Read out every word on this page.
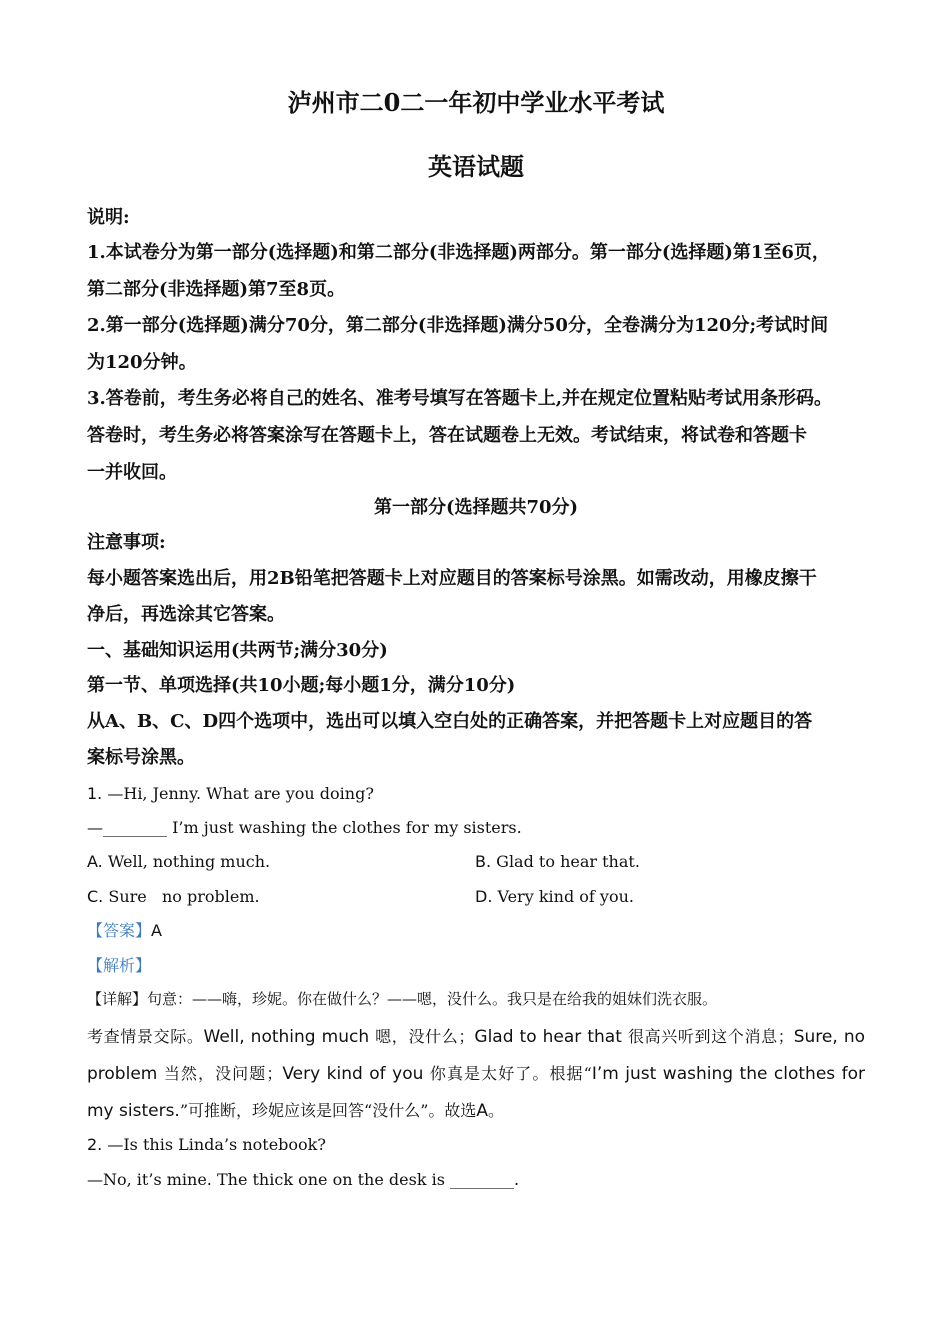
泸州市二0二一年初中学业水平考试
英语试题
说明:
1.本试卷分为第一部分(选择题)和第二部分(非选择题)两部分。第一部分(选择题)第1至6页，
第二部分(非选择题)第7至8页。
2.第一部分(选择题)满分70分，第二部分(非选择题)满分50分，全卷满分为120分;考试时间
为120分钟。
3.答卷前，考生务必将自己的姓名、准考号填写在答题卡上,并在规定位置粘贴考试用条形码。
答卷时，考生务必将答案涂写在答题卡上，答在试题卷上无效。考试结束，将试卷和答题卡
一并收回。
第一部分(选择题共70分)
注意事项:
每小题答案选出后，用2B铅笔把答题卡上对应题目的答案标号涂黑。如需改动，用橡皮擦干
净后，再选涂其它答案。
一、基础知识运用(共两节;满分30分)
第一节、单项选择(共10小题;每小题1分，满分10分)
从A、B、C、D四个选项中，选出可以填入空白处的正确答案，并把答题卡上对应题目的答
案标号涂黑。
1. —Hi, Jenny. What are you doing?
—________ I’m just washing the clothes for my sisters.
A. Well, nothing much.	B. Glad to hear that.
C. Sure   no problem.	D. Very kind of you.
【答案】A
【解析】
【详解】句意：——嗨，珍妮。你在做什么？——嗯，没什么。我只是在给我的姐妹们洗衣服。
考查情景交际。Well, nothing much 嗯，没什么；Glad to hear that 很高兴听到这个消息；Sure, no
problem 当然，没问题；Very kind of you 你真是太好了。根据“I’m just washing the clothes for
my sisters.”可推断，珍妮应该是回答“没什么”。故选A。
2. —Is this Linda’s notebook?
—No, it’s mine. The thick one on the desk is ________.
